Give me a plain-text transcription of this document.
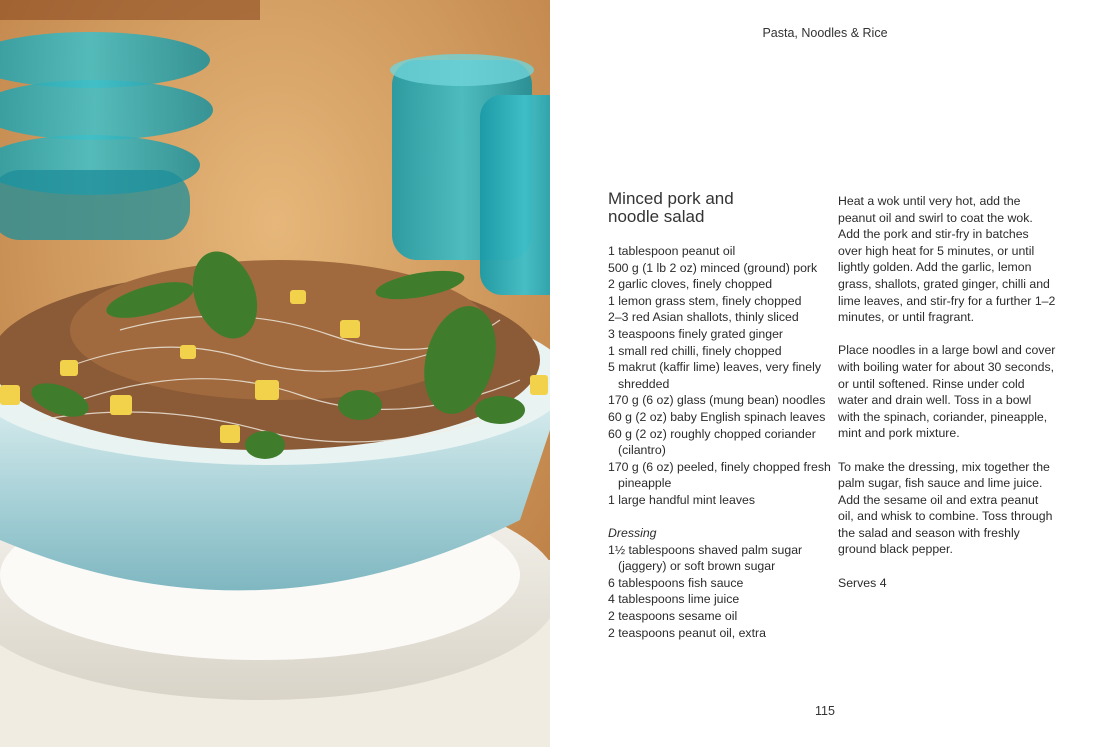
Pasta, Noodles & Rice
Minced pork and
noodle salad

1 tablespoon peanut oil

500 g (1 lb 2 oz) minced (ground) pork

2 garlic cloves, finely chopped

1 lemon grass stem, finely chopped

2–3 red Asian shallots, thinly sliced

3 teaspoons finely grated ginger

1 small red chilli, finely chopped

5 makrut (kaffir lime) leaves, very finely shredded

170 g (6 oz) glass (mung bean) noodles

60 g (2 oz) baby English spinach leaves

60 g (2 oz) roughly chopped coriander (cilantro)

170 g (6 oz) peeled, finely chopped fresh pineapple

1 large handful mint leaves

Dressing

1½ tablespoons shaved palm sugar (jaggery) or soft brown sugar

6 tablespoons fish sauce

4 tablespoons lime juice

2 teaspoons sesame oil

2 teaspoons peanut oil, extra

Heat a wok until very hot, add the peanut oil and swirl to coat the wok. Add the pork and stir-fry in batches over high heat for 5 minutes, or until lightly golden. Add the garlic, lemon grass, shallots, grated ginger, chilli and lime leaves, and stir-fry for a further 1–2 minutes, or until fragrant.

Place noodles in a large bowl and cover with boiling water for about 30 seconds, or until softened. Rinse under cold water and drain well. Toss in a bowl with the spinach, coriander, pineapple, mint and pork mixture.

To make the dressing, mix together the palm sugar, fish sauce and lime juice. Add the sesame oil and extra peanut oil, and whisk to combine. Toss through the salad and season with freshly ground black pepper.

Serves 4

115
